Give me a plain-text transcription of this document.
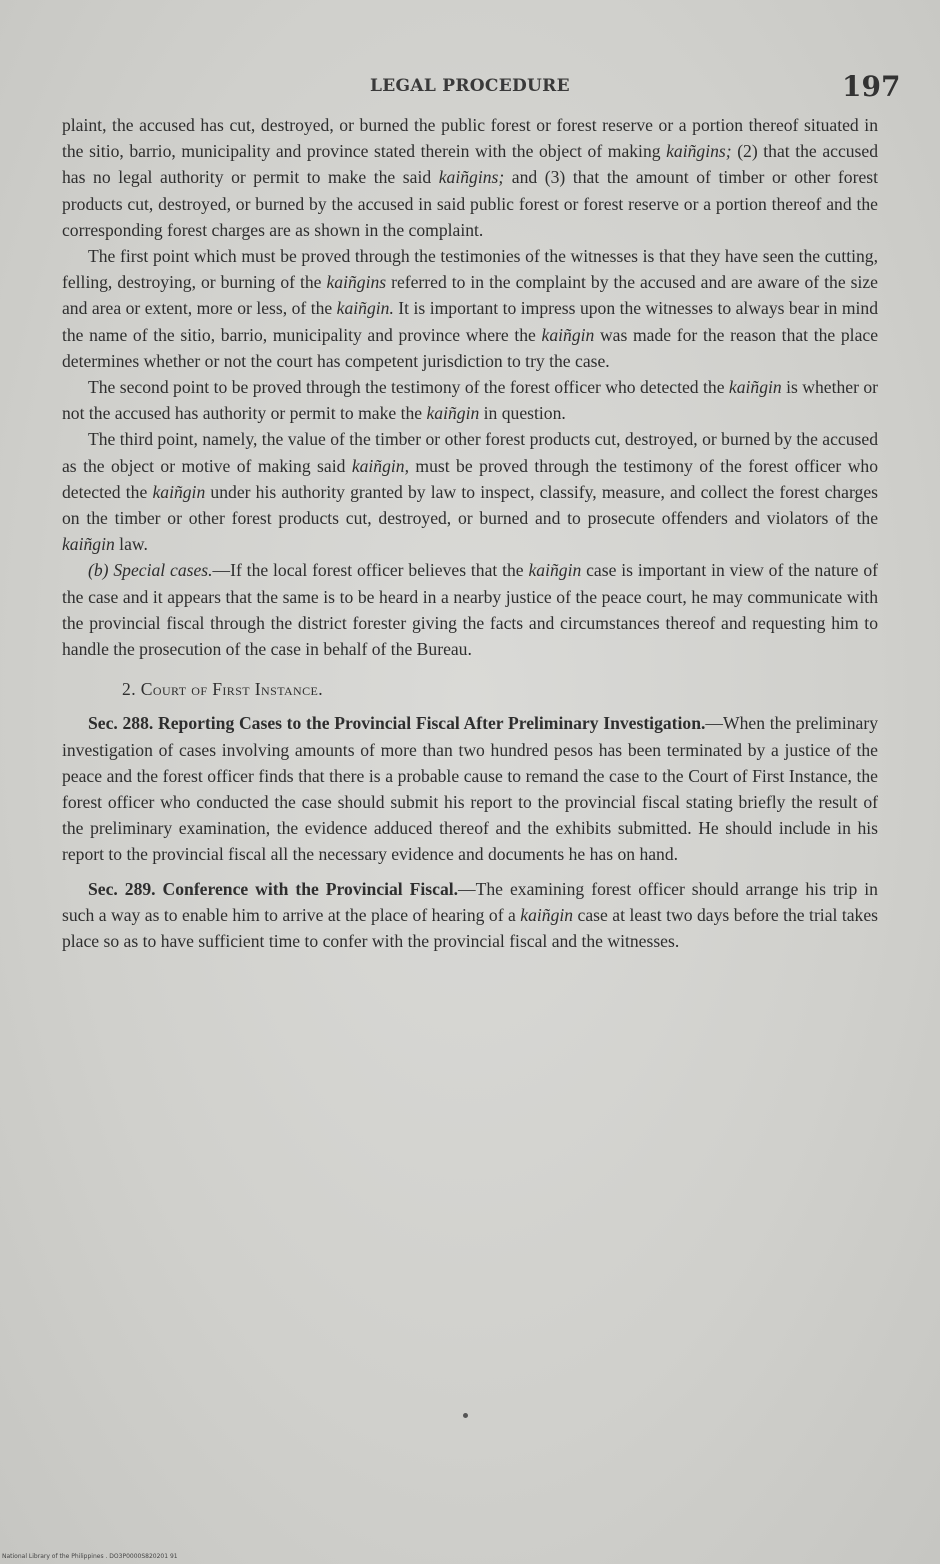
LEGAL PROCEDURE	197

plaint, the accused has cut, destroyed, or burned the public forest or forest reserve or a portion thereof situated in the sitio, barrio, municipality and province stated therein with the object of making kaiñgins; (2) that the accused has no legal authority or permit to make the said kaiñgins; and (3) that the amount of timber or other forest products cut, destroyed, or burned by the accused in said public forest or forest reserve or a portion thereof and the corresponding forest charges are as shown in the complaint.

The first point which must be proved through the testimonies of the witnesses is that they have seen the cutting, felling, destroying, or burning of the kaiñgins referred to in the complaint by the accused and are aware of the size and area or extent, more or less, of the kaiñgin. It is important to impress upon the witnesses to always bear in mind the name of the sitio, barrio, municipality and province where the kaiñgin was made for the reason that the place determines whether or not the court has competent jurisdiction to try the case.

The second point to be proved through the testimony of the forest officer who detected the kaiñgin is whether or not the accused has authority or permit to make the kaiñgin in question.

The third point, namely, the value of the timber or other forest products cut, destroyed, or burned by the accused as the object or motive of making said kaiñgin, must be proved through the testimony of the forest officer who detected the kaiñgin under his authority granted by law to inspect, classify, measure, and collect the forest charges on the timber or other forest products cut, destroyed, or burned and to prosecute offenders and violators of the kaiñgin law.

(b) Special cases.—If the local forest officer believes that the kaiñgin case is important in view of the nature of the case and it appears that the same is to be heard in a nearby justice of the peace court, he may communicate with the provincial fiscal through the district forester giving the facts and circumstances thereof and requesting him to handle the prosecution of the case in behalf of the Bureau.

2. Court of First Instance.

Sec. 288. Reporting Cases to the Provincial Fiscal After Preliminary Investigation.—When the preliminary investigation of cases involving amounts of more than two hundred pesos has been terminated by a justice of the peace and the forest officer finds that there is a probable cause to remand the case to the Court of First Instance, the forest officer who conducted the case should submit his report to the provincial fiscal stating briefly the result of the preliminary examination, the evidence adduced thereof and the exhibits submitted. He should include in his report to the provincial fiscal all the necessary evidence and documents he has on hand.

Sec. 289. Conference with the Provincial Fiscal.—The examining forest officer should arrange his trip in such a way as to enable him to arrive at the place of hearing of a kaiñgin case at least two days before the trial takes place so as to have sufficient time to confer with the provincial fiscal and the witnesses.

National Library of the Philippines . DO3P0000S820201 91
